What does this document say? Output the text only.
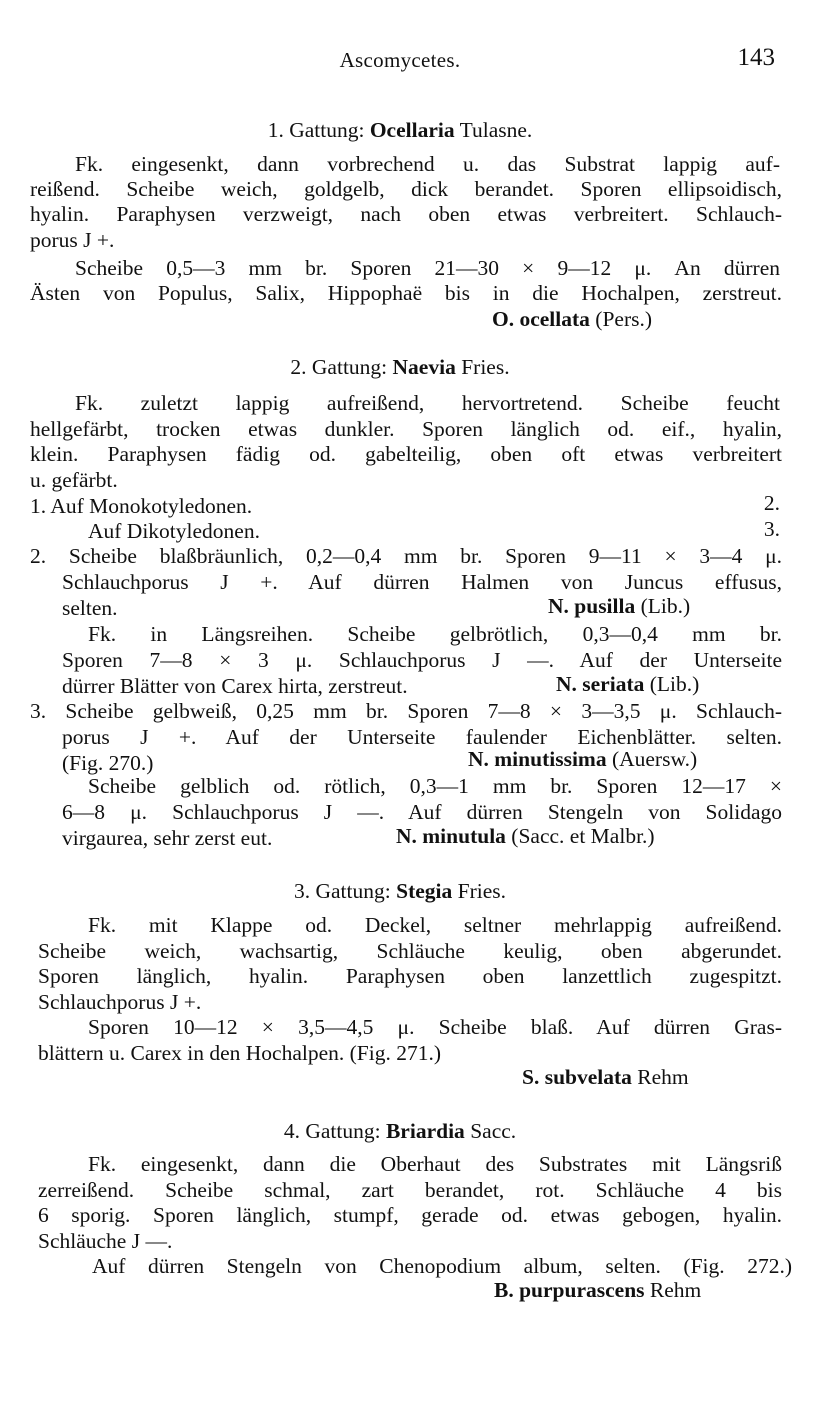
Ascomycetes.	143
1. Gattung: Ocellaria Tulasne.
Fk. eingesenkt, dann vorbrechend u. das Substrat lappig auf-
reißend. Scheibe weich, goldgelb, dick berandet. Sporen ellipsoidisch,
hyalin. Paraphysen verzweigt, nach oben etwas verbreitert. Schlauch-
porus J +.
Scheibe 0,5—3 mm br. Sporen 21—30 × 9—12 μ. An dürren
Ästen von Populus, Salix, Hippophaë bis in die Hochalpen, zerstreut.
O. ocellata (Pers.)
2. Gattung: Naevia Fries.
Fk. zuletzt lappig aufreißend, hervortretend. Scheibe feucht
hellgefärbt, trocken etwas dunkler. Sporen länglich od. eif., hyalin,
klein. Paraphysen fädig od. gabelteilig, oben oft etwas verbreitert
u. gefärbt.
1. Auf Monokotyledonen.	2.
Auf Dikotyledonen.	3.
2. Scheibe blaßbräunlich, 0,2—0,4 mm br. Sporen 9—11 × 3—4 μ.
Schlauchporus J +. Auf dürren Halmen von Juncus effusus,
selten.	N. pusilla (Lib.)
Fk. in Längsreihen. Scheibe gelbrötlich, 0,3—0,4 mm br.
Sporen 7—8 × 3 μ. Schlauchporus J —. Auf der Unterseite
dürrer Blätter von Carex hirta, zerstreut.	N. seriata (Lib.)
3. Scheibe gelbweiß, 0,25 mm br. Sporen 7—8 × 3—3,5 μ. Schlauch-
porus J +. Auf der Unterseite faulender Eichenblätter. selten.
(Fig. 270.)	N. minutissima (Auersw.)
Scheibe gelblich od. rötlich, 0,3—1 mm br. Sporen 12—17 ×
6—8 μ. Schlauchporus J —. Auf dürren Stengeln von Solidago
virgaurea, sehr zerst eut.	N. minutula (Sacc. et Malbr.)
3. Gattung: Stegia Fries.
Fk. mit Klappe od. Deckel, seltner mehrlappig aufreißend.
Scheibe weich, wachsartig, Schläuche keulig, oben abgerundet.
Sporen länglich, hyalin. Paraphysen oben lanzettlich zugespitzt.
Schlauchporus J +.
Sporen 10—12 × 3,5—4,5 μ. Scheibe blaß. Auf dürren Gras-
blättern u. Carex in den Hochalpen. (Fig. 271.)
S. subvelata Rehm
4. Gattung: Briardia Sacc.
Fk. eingesenkt, dann die Oberhaut des Substrates mit Längsriß
zerreißend. Scheibe schmal, zart berandet, rot. Schläuche 4 bis
6 sporig. Sporen länglich, stumpf, gerade od. etwas gebogen, hyalin.
Schläuche J —.
Auf dürren Stengeln von Chenopodium album, selten. (Fig. 272.)
B. purpurascens Rehm
